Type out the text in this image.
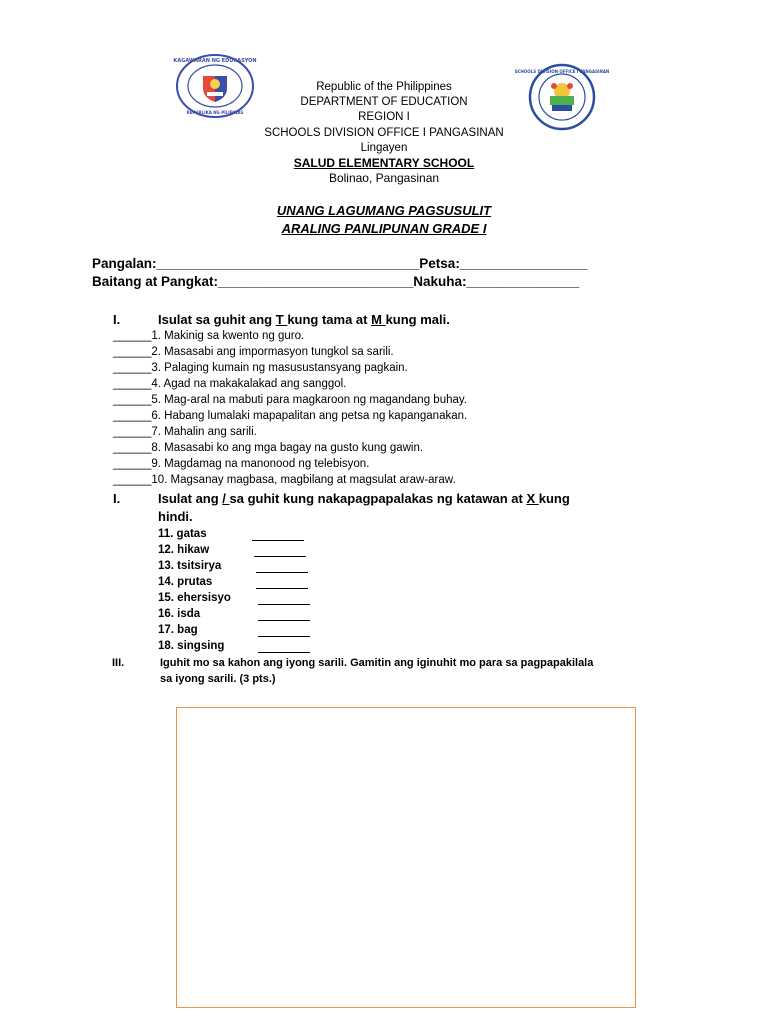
KAGAWARAN NG EDUKASYON
REPUBLIKA NG PILIPINAS
SCHOOLS DIVISION OFFICE I PANGASINAN
Republic of the Philippines
DEPARTMENT OF EDUCATION
REGION I
SCHOOLS DIVISION OFFICE I PANGASINAN
Lingayen
SALUD ELEMENTARY SCHOOL
Bolinao, Pangasinan
UNANG LAGUMANG PAGSUSULIT
ARALING PANLIPUNAN GRADE I
Pangalan:___________________________________Petsa:_________________
Baitang at Pangkat:__________________________Nakuha:_______________
I.	Isulat sa guhit ang T kung tama at M kung mali.
______1. Makinig sa kwento ng guro.
______2. Masasabi ang impormasyon tungkol sa sarili.
______3. Palaging kumain ng masusustansyang pagkain.
______4. Agad na makakalakad ang sanggol.
______5. Mag-aral na mabuti para magkaroon ng magandang buhay.
______6. Habang lumalaki mapapalitan ang petsa ng kapanganakan.
______7. Mahalin ang sarili.
______8. Masasabi ko ang mga bagay na gusto kung gawin.
______9. Magdamag na manonood ng telebisyon.
______10. Magsanay magbasa, magbilang at magsulat araw-araw.
I.	Isulat ang / sa guhit kung nakapagpapalakas ng katawan at X kung
hindi.
11. gatas
12. hikaw
13. tsitsirya
14. prutas
15. ehersisyo
16. isda
17. bag
18. singsing
III.	Iguhit mo sa kahon ang iyong sarili. Gamitin ang iginuhit mo para sa pagpapakilala
sa iyong sarili. (3 pts.)
